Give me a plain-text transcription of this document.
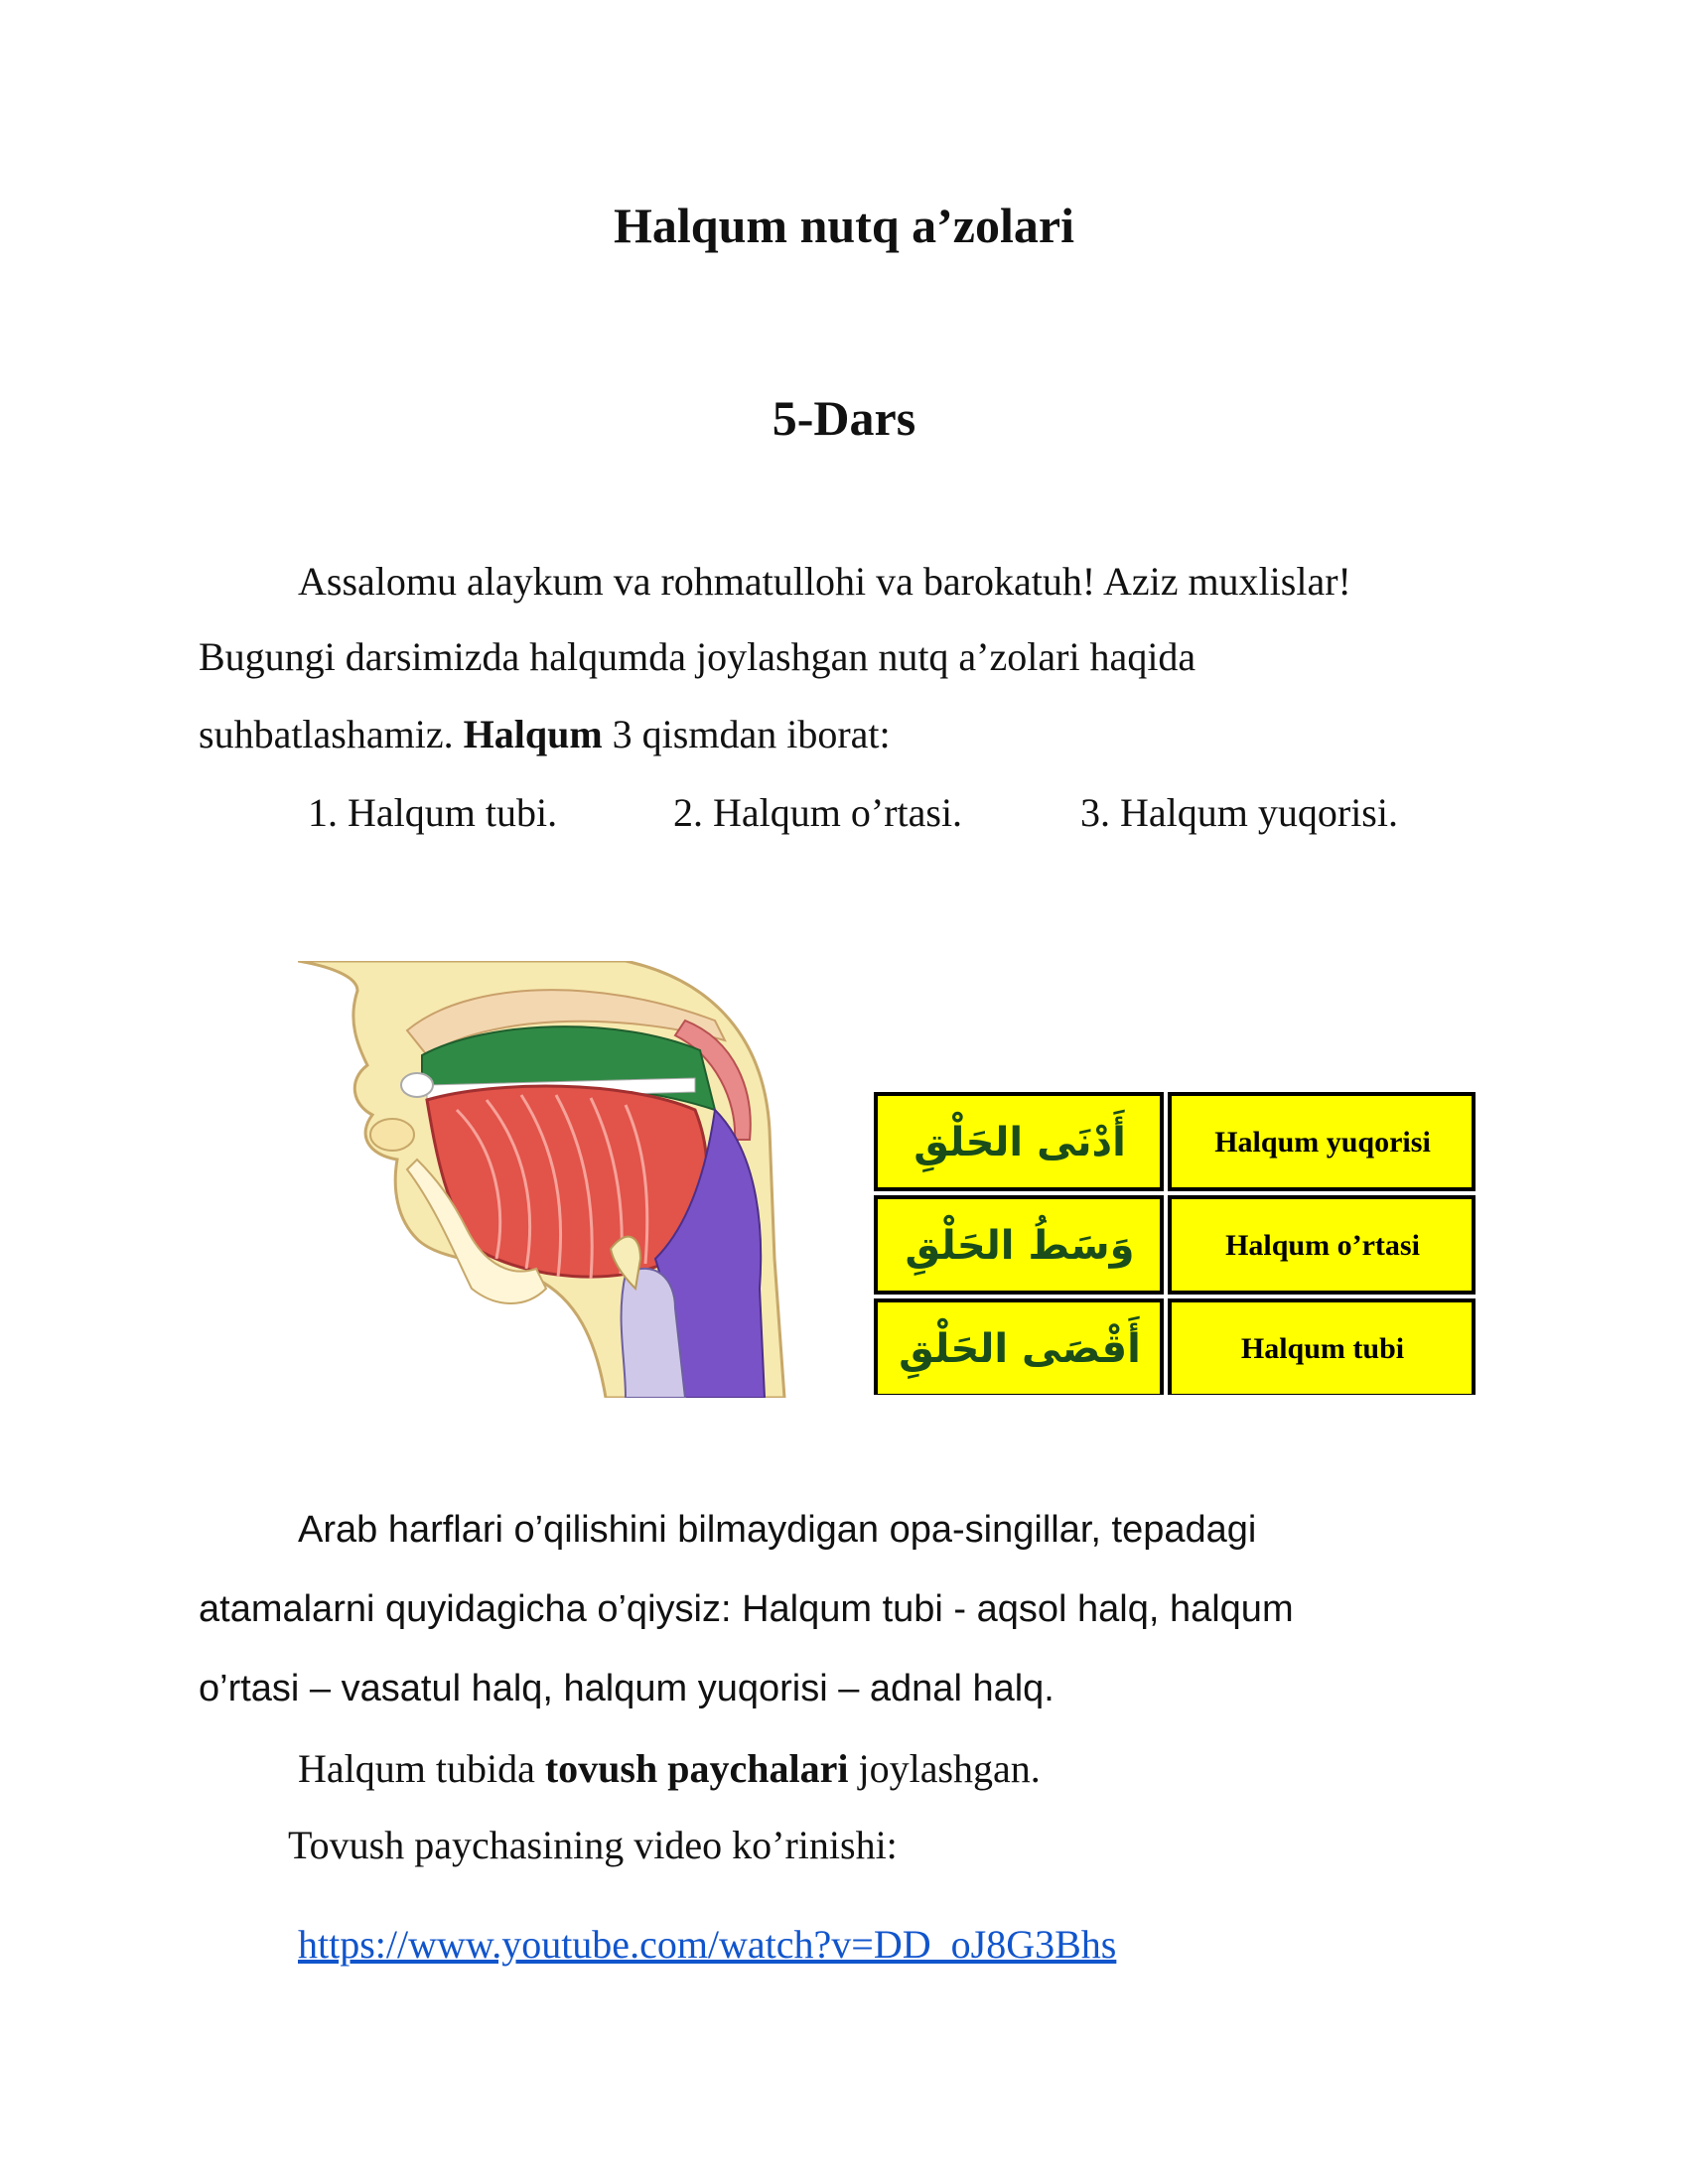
Halqum nutq a’zolari
5-Dars

Assalomu alaykum va rohmatullohi va barokatuh! Aziz muxlislar!

Bugungi darsimizda halqumda joylashgan nutq a’zolari haqida

suhbatlashamiz. Halqum 3 qismdan iborat:

1. Halqum tubi.	2. Halqum o’rtasi.	3. Halqum yuqorisi.
أَدْنَى الحَلْقِ	Halqum yuqorisi
وَسَطُ الحَلْقِ	Halqum o’rtasi
أَقْصَى الحَلْقِ	Halqum tubi

Arab harflari o’qilishini bilmaydigan opa-singillar, tepadagi

atamalarni quyidagicha o’qiysiz: Halqum tubi - aqsol halq, halqum

o’rtasi – vasatul halq, halqum yuqorisi – adnal halq.

Halqum tubida tovush paychalari joylashgan.

Tovush paychasining video ko’rinishi:

https://www.youtube.com/watch?v=DD_oJ8G3Bhs
